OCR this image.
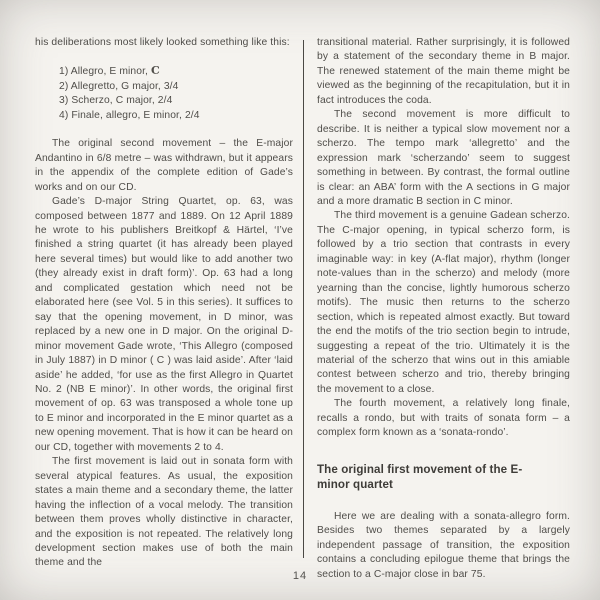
his deliberations most likely looked something like this:

1) Allegro, E minor, C
2) Allegretto, G major, 3/4
3) Scherzo, C major, 2/4
4) Finale, allegro, E minor, 2/4

The original second movement – the E-major Andantino in 6/8 metre – was withdrawn, but it appears in the appendix of the complete edition of Gade’s works and on our CD.

Gade’s D-major String Quartet, op. 63, was composed between 1877 and 1889. On 12 April 1889 he wrote to his publishers Breitkopf & Härtel, ‘I’ve finished a string quartet (it has already been played here several times) but would like to add another two (they already exist in draft form)’. Op. 63 had a long and complicated gestation which need not be elaborated here (see Vol. 5 in this series). It suffices to say that the opening movement, in D minor, was replaced by a new one in D major. On the original D-minor movement Gade wrote, ‘This Allegro (composed in July 1887) in D minor ( C ) was laid aside’. After ‘laid aside’ he added, ‘for use as the first Allegro in Quartet No. 2 (NB E minor)’. In other words, the original first movement of op. 63 was transposed a whole tone up to E minor and incorporated in the E minor quartet as a new opening movement. That is how it can be heard on our CD, together with movements 2 to 4.

The first movement is laid out in sonata form with several atypical features. As usual, the exposition states a main theme and a secondary theme, the latter having the inflection of a vocal melody. The transition between them proves wholly distinctive in character, and the exposition is not repeated. The relatively long development section makes use of both the main theme and the

transitional material. Rather surprisingly, it is followed by a statement of the secondary theme in B major. The renewed statement of the main theme might be viewed as the beginning of the recapitulation, but it in fact introduces the coda.

The second movement is more difficult to describe. It is neither a typical slow movement nor a scherzo. The tempo mark ‘allegretto’ and the expression mark ‘scherzando’ seem to suggest something in between. By contrast, the formal outline is clear: an ABA’ form with the A sections in G major and a more dramatic B section in C minor.

The third movement is a genuine Gadean scherzo. The C-major opening, in typical scherzo form, is followed by a trio section that contrasts in every imaginable way: in key (A-flat major), rhythm (longer note-values than in the scherzo) and melody (more yearning than the concise, lightly humorous scherzo motifs). The music then returns to the scherzo section, which is repeated almost exactly. But toward the end the motifs of the trio section begin to intrude, suggesting a repeat of the trio. Ultimately it is the material of the scherzo that wins out in this amiable contest between scherzo and trio, thereby bringing the movement to a close.

The fourth movement, a relatively long finale, recalls a rondo, but with traits of sonata form – a complex form known as a ‘sonata-rondo’.

The original first movement of the E-minor quartet

Here we are dealing with a sonata-allegro form. Besides two themes separated by a largely independent passage of transition, the exposition contains a concluding epilogue theme that brings the section to a C-major close in bar 75.

14
